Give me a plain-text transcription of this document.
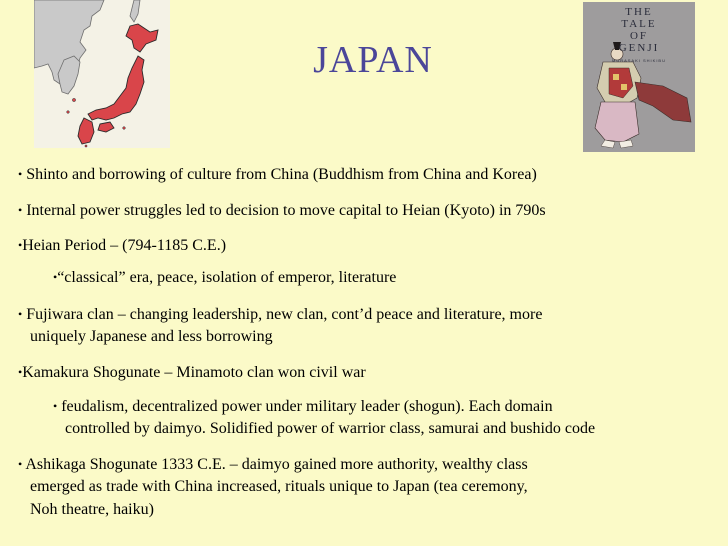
THE
TALE
OF
GENJI
MURASAKI SHIKIBU
JAPAN
• Shinto and borrowing of culture from China (Buddhism from China and Korea)
• Internal power struggles led to decision to move capital to Heian (Kyoto) in 790s
•Heian Period – (794-1185 C.E.)
•“classical” era, peace, isolation of emperor, literature
• Fujiwara clan – changing leadership, new clan, cont’d peace and literature, more
uniquely Japanese and less borrowing
•Kamakura Shogunate – Minamoto clan won civil war
• feudalism, decentralized power under military leader (shogun). Each domain
controlled by daimyo. Solidified power of warrior class, samurai and bushido code
• Ashikaga Shogunate 1333 C.E. – daimyo gained more authority, wealthy class
emerged as trade with China increased, rituals unique to Japan (tea ceremony,
Noh theatre, haiku)
